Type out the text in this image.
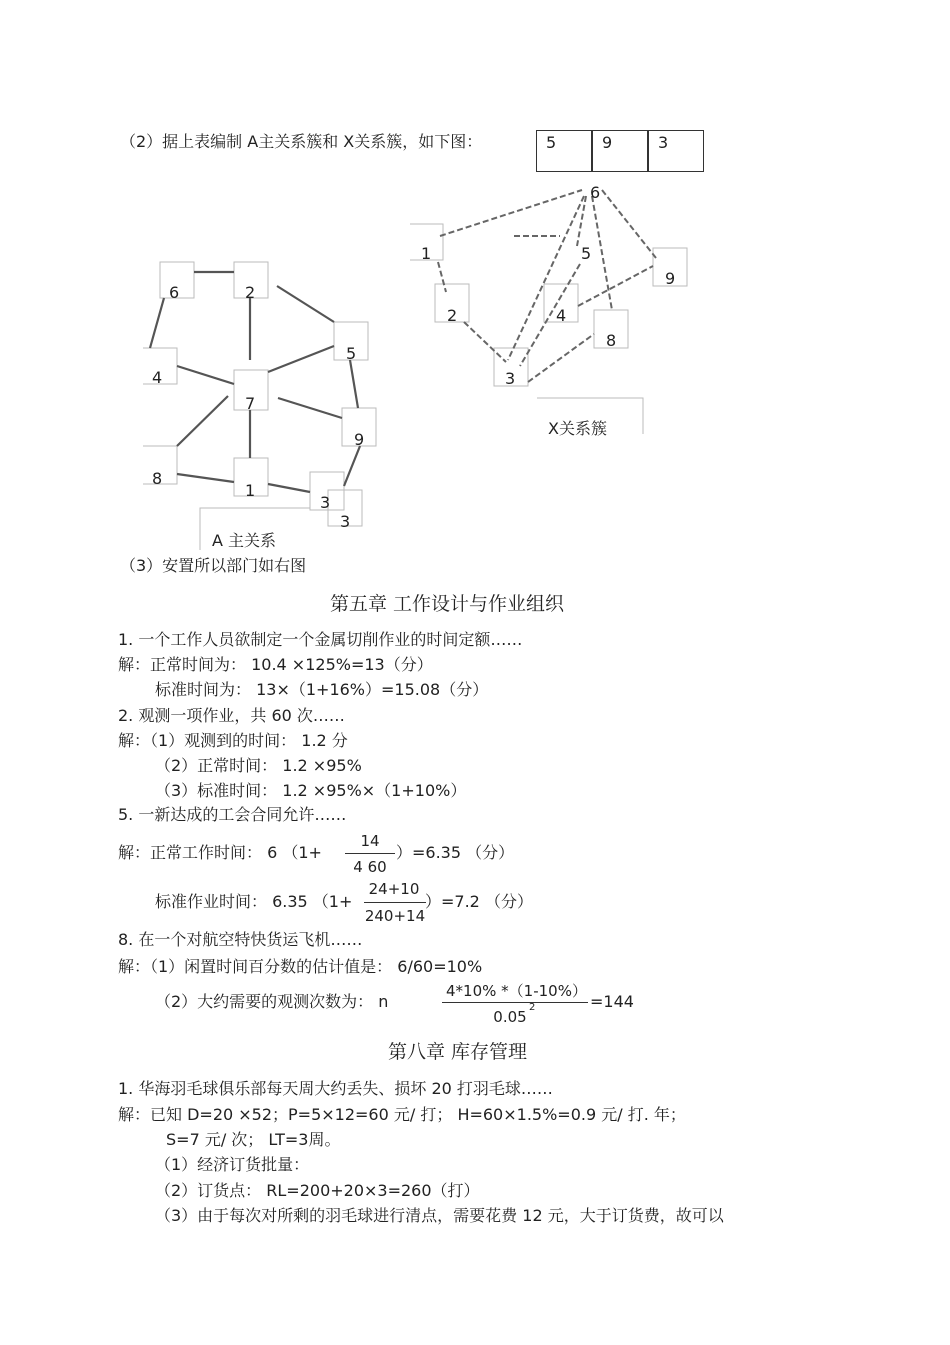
（2）据上表编制 A主关系簇和 X关系簇，如下图：	5	9	3
6	2
4
5
7
9
8
1
3
3
A 主关系
6
1	5
9
2	4
8
3
X关系簇
（3）安置所以部门如右图
第五章 工作设计与作业组织
1. 一个工作人员欲制定一个金属切削作业的时间定额……
解：正常时间为： 10.4 ×125%=13（分）
标准时间为： 13×（1+16%）=15.08（分）
2. 观测一项作业，共 60 次……
解：（1）观测到的时间： 1.2 分
（2）正常时间： 1.2 ×95%
（3）标准时间： 1.2 ×95%×（1+10%）
5. 一新达成的工会合同允许……
解：正常工作时间： 6 （1+
14
4 60
）=6.35 （分）
标准作业时间： 6.35 （1+
24+10
240+14
）=7.2 （分）
8. 在一个对航空特快货运飞机……
解：（1）闲置时间百分数的估计值是： 6/60=10%
（2）大约需要的观测次数为： n
4*10% *（1-10%）
0.05
2	=144
第八章 库存管理
1. 华海羽毛球俱乐部每天周大约丢失、损坏 20 打羽毛球……
解：已知 D=20 ×52；P=5×12=60 元/ 打； H=60×1.5%=0.9 元/ 打. 年；
S=7 元/ 次； LT=3周。
（1）经济订货批量：
（2）订货点： RL=200+20×3=260（打）
（3）由于每次对所剩的羽毛球进行清点，需要花费 12 元，大于订货费，故可以
